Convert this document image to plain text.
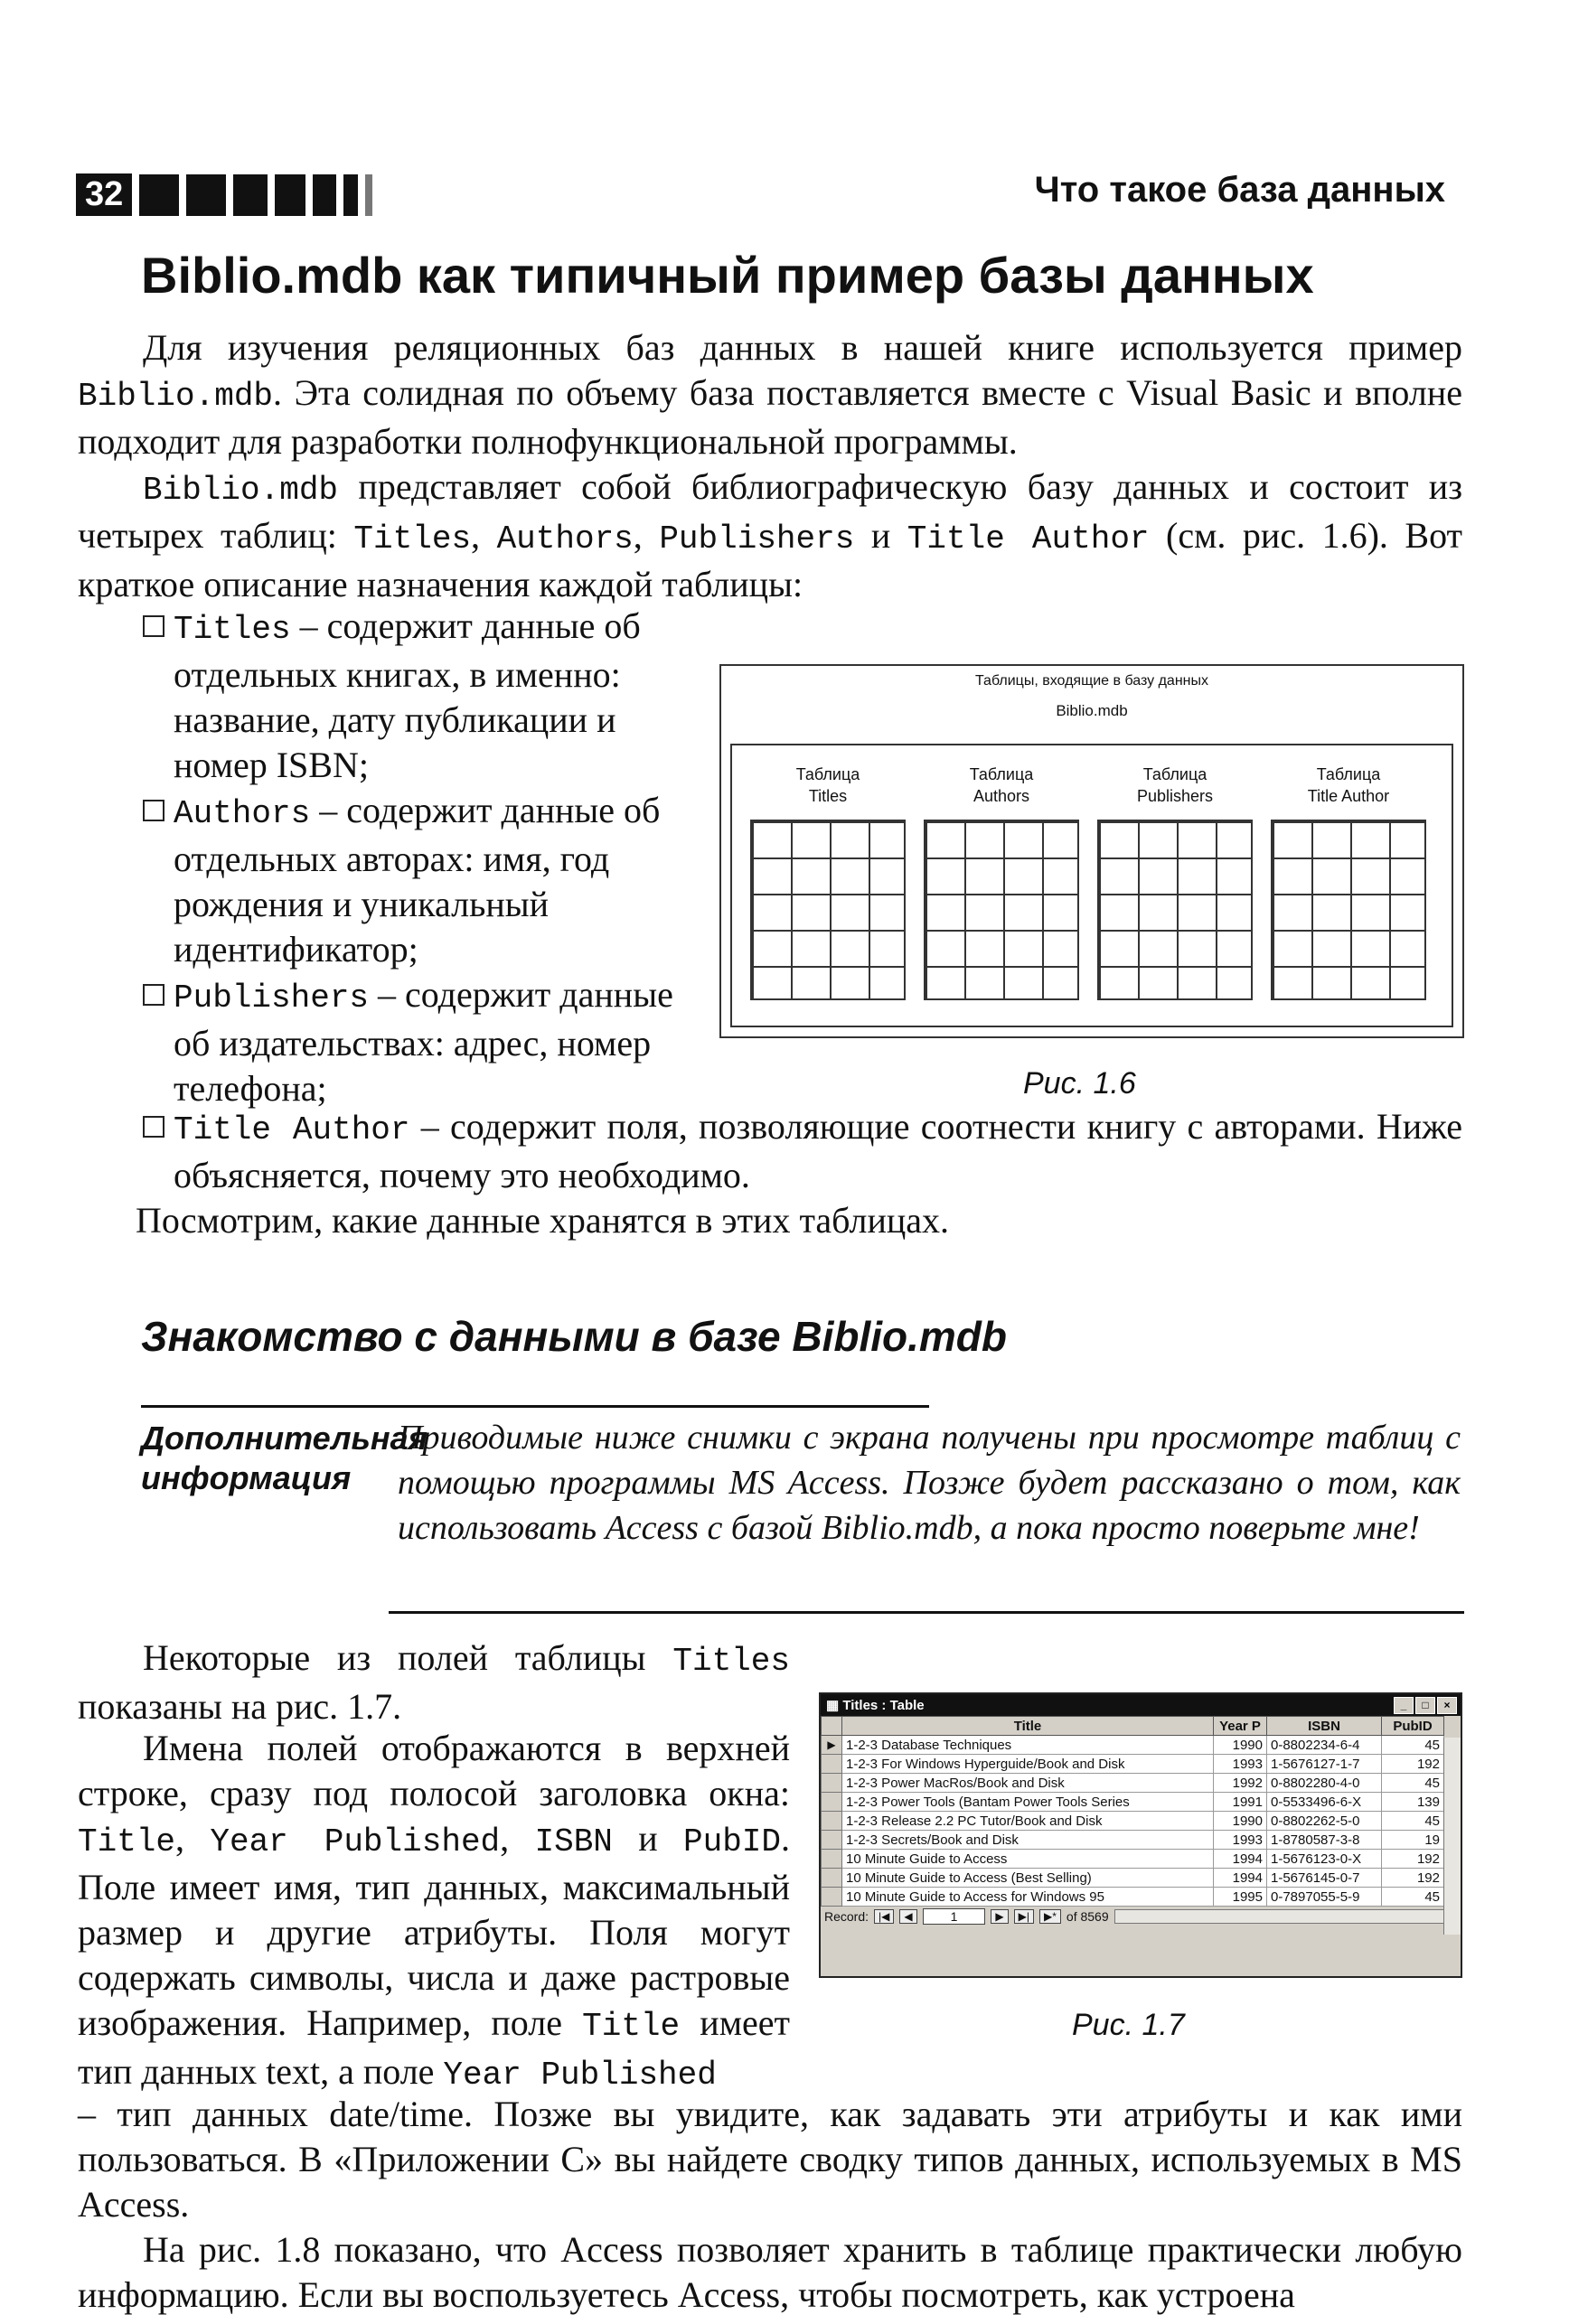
32	Что такое база данных
Biblio.mdb как типичный пример базы данных

Для изучения реляционных баз данных в нашей книге используется пример Biblio.mdb. Эта солидная по объему база поставляется вместе с Visual Basic и вполне подходит для разработки полнофункциональной программы.

Biblio.mdb представляет собой библиографическую базу данных и состоит из четырех таблиц: Titles, Authors, Publishers и Title Author (см. рис. 1.6). Вот краткое описание назначения каждой таблицы:

Titles – содержит данные об отдельных книгах, в именно: название, дату публикации и номер ISBN;

Authors – содержит данные об отдельных авторах: имя, год рождения и уникальный идентификатор;

Publishers – содержит данные об издательствах: адрес, номер телефона;

Title Author – содержит поля, позволяющие соотнести книгу с авторами. Ниже объясняется, почему это необходимо.

Посмотрим, какие данные хранятся в этих таблицах.

Таблицы, входящие в базу данных
Biblio.mdb
Таблица
Titles
Таблица
Authors
Таблица
Publishers
Таблица
Title Author
Рис. 1.6
Знакомство с данными в базе Biblio.mdb
Дополнительная
информация
Приводимые ниже снимки с экрана получены при просмотре таблиц с помощью программы MS Access. Позже будет рассказано о том, как использовать Access с базой Biblio.mdb, а пока просто поверьте мне!

Некоторые из полей таблицы Titles показаны на рис. 1.7.

Имена полей отображаются в верхней строке, сразу под полосой заголовка окна: Title, Year Published, ISBN и PubID. Поле имеет имя, тип данных, максимальный размер и другие атрибуты. Поля могут содержать символы, числа и даже растровые изображения. Например, поле Title имеет тип данных text, а поле Year Published

– тип данных date/time. Позже вы увидите, как задавать эти атрибуты и как ими пользоваться. В «Приложении С» вы найдете сводку типов данных, используемых в MS Access.

На рис. 1.8 показано, что Access позволяет хранить в таблице практически любую информацию. Если вы воспользуетесь Access, чтобы посмотреть, как устроена

▦ Titles : Table	_	□	×
	Title	Year P	ISBN	PubID
▶	1-2-3 Database Techniques	1990	0-8802234-6-4	45
	1-2-3 For Windows Hyperguide/Book and Disk	1993	1-5676127-1-7	192
	1-2-3 Power MacRos/Book and Disk	1992	0-8802280-4-0	45
	1-2-3 Power Tools (Bantam Power Tools Series	1991	0-5533496-6-X	139
	1-2-3 Release 2.2 PC Tutor/Book and Disk	1990	0-8802262-5-0	45
	1-2-3 Secrets/Book and Disk	1993	1-8780587-3-8	19
	10 Minute Guide to Access	1994	1-5676123-0-X	192
	10 Minute Guide to Access (Best Selling)	1994	1-5676145-0-7	192
	10 Minute Guide to Access for Windows 95	1995	0-7897055-5-9	45
Record: |◀	◀	1	▶	▶|	▶* of 8569
Рис. 1.7
